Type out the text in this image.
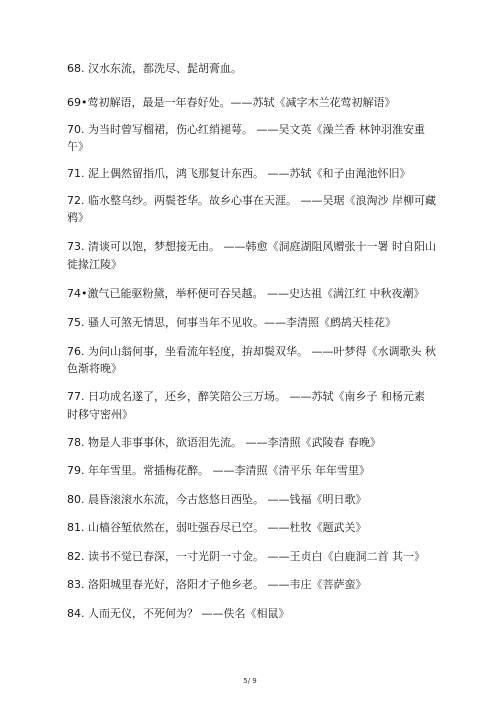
68. 汉水东流，都洗尽、髭胡膏血。
69•莺初解语，最是一年春好处。——苏轼《减字木兰花莺初解语》
70. 为当时曾写榴裙，伤心红绡褪萼。 ——吴文英《澡兰香 林钟羽淮安重
午》
71. 泥上偶然留指爪，鸿飞那复计东西。 ——苏轼《和子由渑池怀旧》
72. 临水整乌纱。两鬓苍华。故乡心事在天涯。 ——吴琚《浪淘沙 岸柳可藏
鸦》
73. 清谈可以饱，梦想接无由。 ——韩愈《洞庭湖阻风赠张十一署 时自阳山
徙掾江陵》
74•激气已能驱粉黛，举杯便可吞吴越。 ——史达祖《满江红 中秋夜潮》
75. 骚人可煞无情思，何事当年不见收。——李清照《鹧鸪天桂花》
76. 为问山翁何事，坐看流年轻度，拚却鬓双华。 ——叶梦得《水调歌头 秋
色渐将晚》
77. 日功成名遂了，还乡，醉笑陪公三万场。 ——苏轼《南乡子 和杨元素
时移守密州》
78. 物是人非事事休，欲语泪先流。 ——李清照《武陵春 春晚》
79. 年年雪里。常插梅花醉。 ——李清照《清平乐 年年雪里》
80. 晨昏滚滚水东流，今古悠悠日西坠。 ——钱福《明日歌》
81. 山樯谷堑依然在，弱吐强吞尽已空。 ——杜牧《题武关》
82. 读书不觉已春深，一寸光阴一寸金。 ——王贞白《白鹿洞二首 其一》
83. 洛阳城里春光好，洛阳才子他乡老。 ——韦庄《菩萨蛮》
84. 人而无仪，不死何为？ ——佚名《相鼠》
5/ 9
